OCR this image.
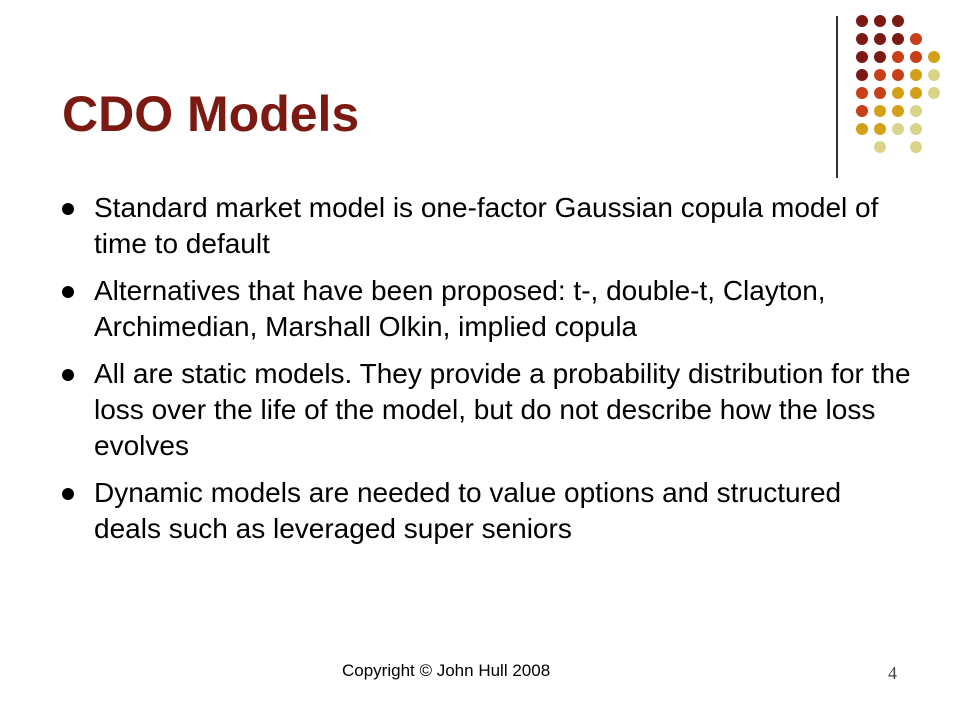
CDO Models
Standard market model is one-factor Gaussian copula model of time to default
Alternatives that have been proposed: t-, double-t, Clayton, Archimedian, Marshall Olkin, implied copula
All are static models. They provide a probability distribution for the loss over the life of the model, but do not describe how the loss evolves
Dynamic models are needed to value options and structured deals such as leveraged super seniors
Copyright © John Hull 2008	4
